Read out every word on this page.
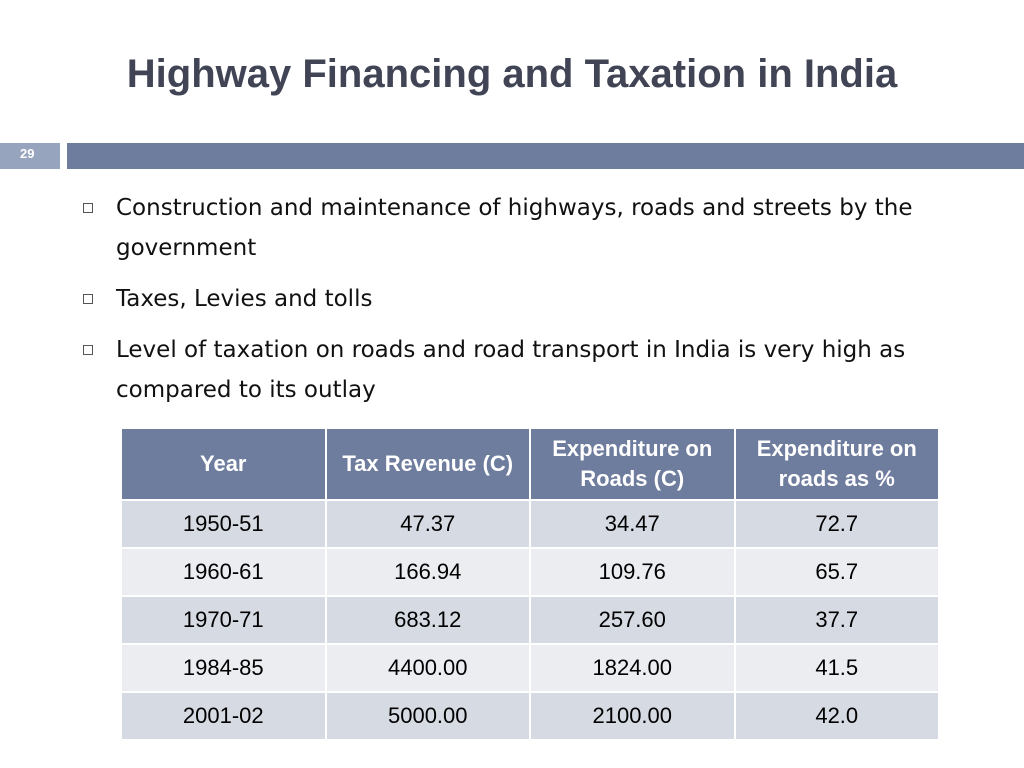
Highway Financing and Taxation in India
29
Construction and maintenance of highways, roads and streets by the government
Taxes, Levies and tolls
Level of taxation on roads and road transport in India is very high as compared to its outlay
Year	Tax Revenue (C)	Expenditure on Roads (C)	Expenditure on roads as %
1950-51	47.37	34.47	72.7
1960-61	166.94	109.76	65.7
1970-71	683.12	257.60	37.7
1984-85	4400.00	1824.00	41.5
2001-02	5000.00	2100.00	42.0
